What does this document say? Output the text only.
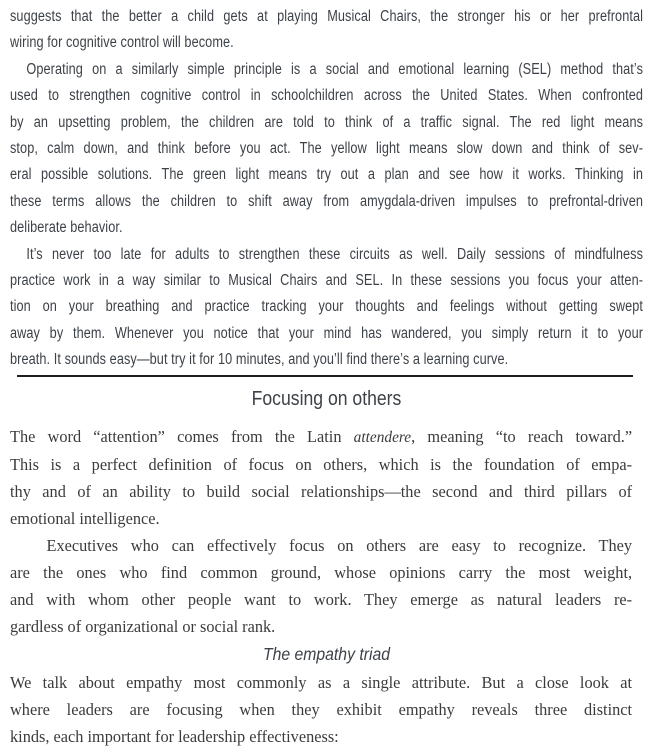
suggests that the better a child gets at playing Musical Chairs, the stronger his or her prefrontal
wiring for cognitive control will become.
Operating on a similarly simple principle is a social and emotional learning (SEL) method that’s
used to strengthen cognitive control in schoolchildren across the United States. When confronted
by an upsetting problem, the children are told to think of a traffic signal. The red light means
stop, calm down, and think before you act. The yellow light means slow down and think of sev-
eral possible solutions. The green light means try out a plan and see how it works. Thinking in
these terms allows the children to shift away from amygdala-driven impulses to prefrontal-driven
deliberate behavior.
It’s never too late for adults to strengthen these circuits as well. Daily sessions of mindfulness
practice work in a way similar to Musical Chairs and SEL. In these sessions you focus your atten-
tion on your breathing and practice tracking your thoughts and feelings without getting swept
away by them. Whenever you notice that your mind has wandered, you simply return it to your
breath. It sounds easy—but try it for 10 minutes, and you’ll find there’s a learning curve.
Focusing on others
The word “attention” comes from the Latin attendere, meaning “to reach toward.”
This is a perfect definition of focus on others, which is the foundation of empa-
thy and of an ability to build social relationships—the second and third pillars of
emotional intelligence.
Executives who can effectively focus on others are easy to recognize. They
are the ones who find common ground, whose opinions carry the most weight,
and with whom other people want to work. They emerge as natural leaders re-
gardless of organizational or social rank.
The empathy triad
We talk about empathy most commonly as a single attribute. But a close look at
where leaders are focusing when they exhibit empathy reveals three distinct
kinds, each important for leadership effectiveness:
